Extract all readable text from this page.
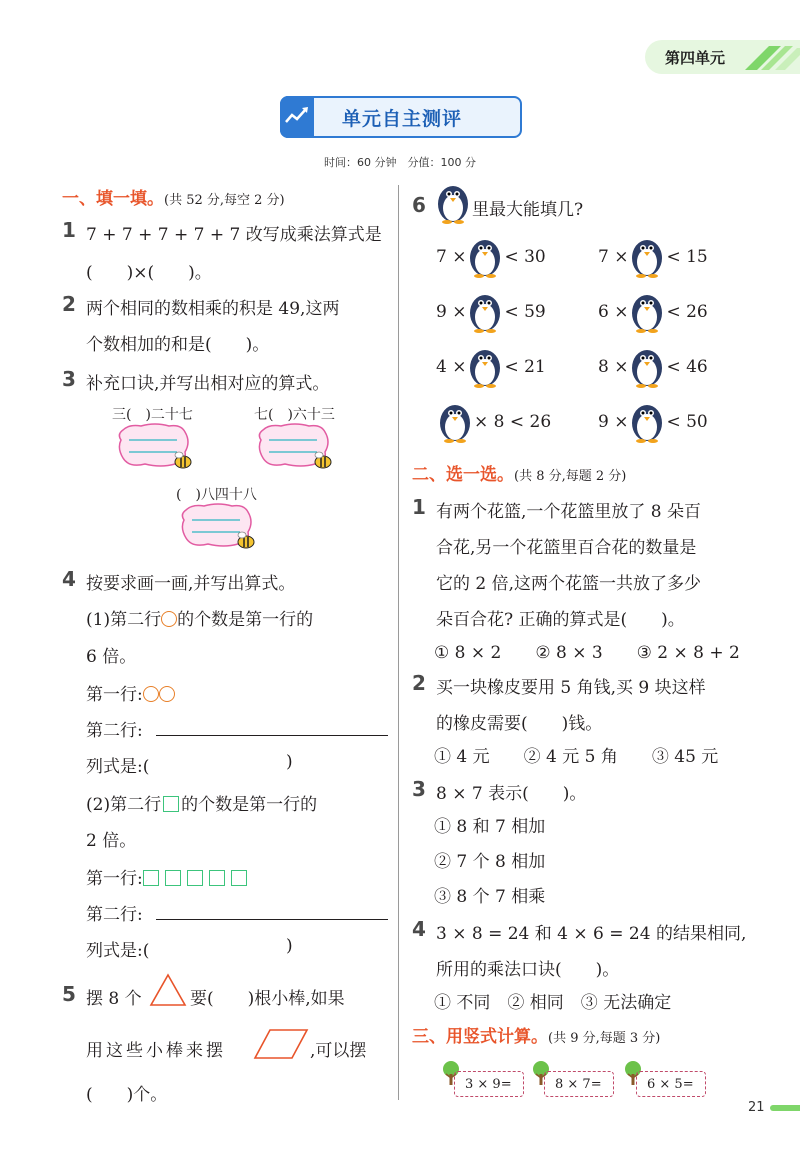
第四单元
单元自主测评
时间：60 分钟　分值：100 分
一、填一填。(共 52 分,每空 2 分)
1 7 + 7 + 7 + 7 + 7 改写成乘法算式是
(　　)×(　　)。
2 两个相同的数相乘的积是 49,这两
个数相加的和是(　　)。
3 补充口诀,并写出相对应的算式。
三(　)二十七	七(　)六十三
(　)八四十八
4 按要求画一画,并写出算式。
(1)第二行 的个数是第一行的
6 倍。
第一行:
第二行:
列式是:(	)
(2)第二行 的个数是第一行的
2 倍。
第一行:
第二行:
列式是:(	)
5 摆 8 个	要(　　)根小棒,如果
用这些小棒来摆	,可以摆
(　　)个。
6	里最大能填几?
7 × < 30	7 × < 15
9 × < 59	6 × < 26
4 × < 21	8 × < 46
× 8 < 26	9 × < 50
二、选一选。(共 8 分,每题 2 分)
1 有两个花篮,一个花篮里放了 8 朵百
合花,另一个花篮里百合花的数量是
它的 2 倍,这两个花篮一共放了多少
朵百合花? 正确的算式是(　　)。
① 8 × 2　　② 8 × 3　　③ 2 × 8 + 2
2 买一块橡皮要用 5 角钱,买 9 块这样
的橡皮需要(　　)钱。
① 4 元　　② 4 元 5 角　　③ 45 元
3 8 × 7 表示(　　)。
① 8 和 7 相加
② 7 个 8 相加
③ 8 个 7 相乘
4 3 × 8 = 24 和 4 × 6 = 24 的结果相同,
所用的乘法口诀(　　)。
① 不同　② 相同　③ 无法确定
三、用竖式计算。(共 9 分,每题 3 分)
3 × 9=	8 × 7=	6 × 5=
21
